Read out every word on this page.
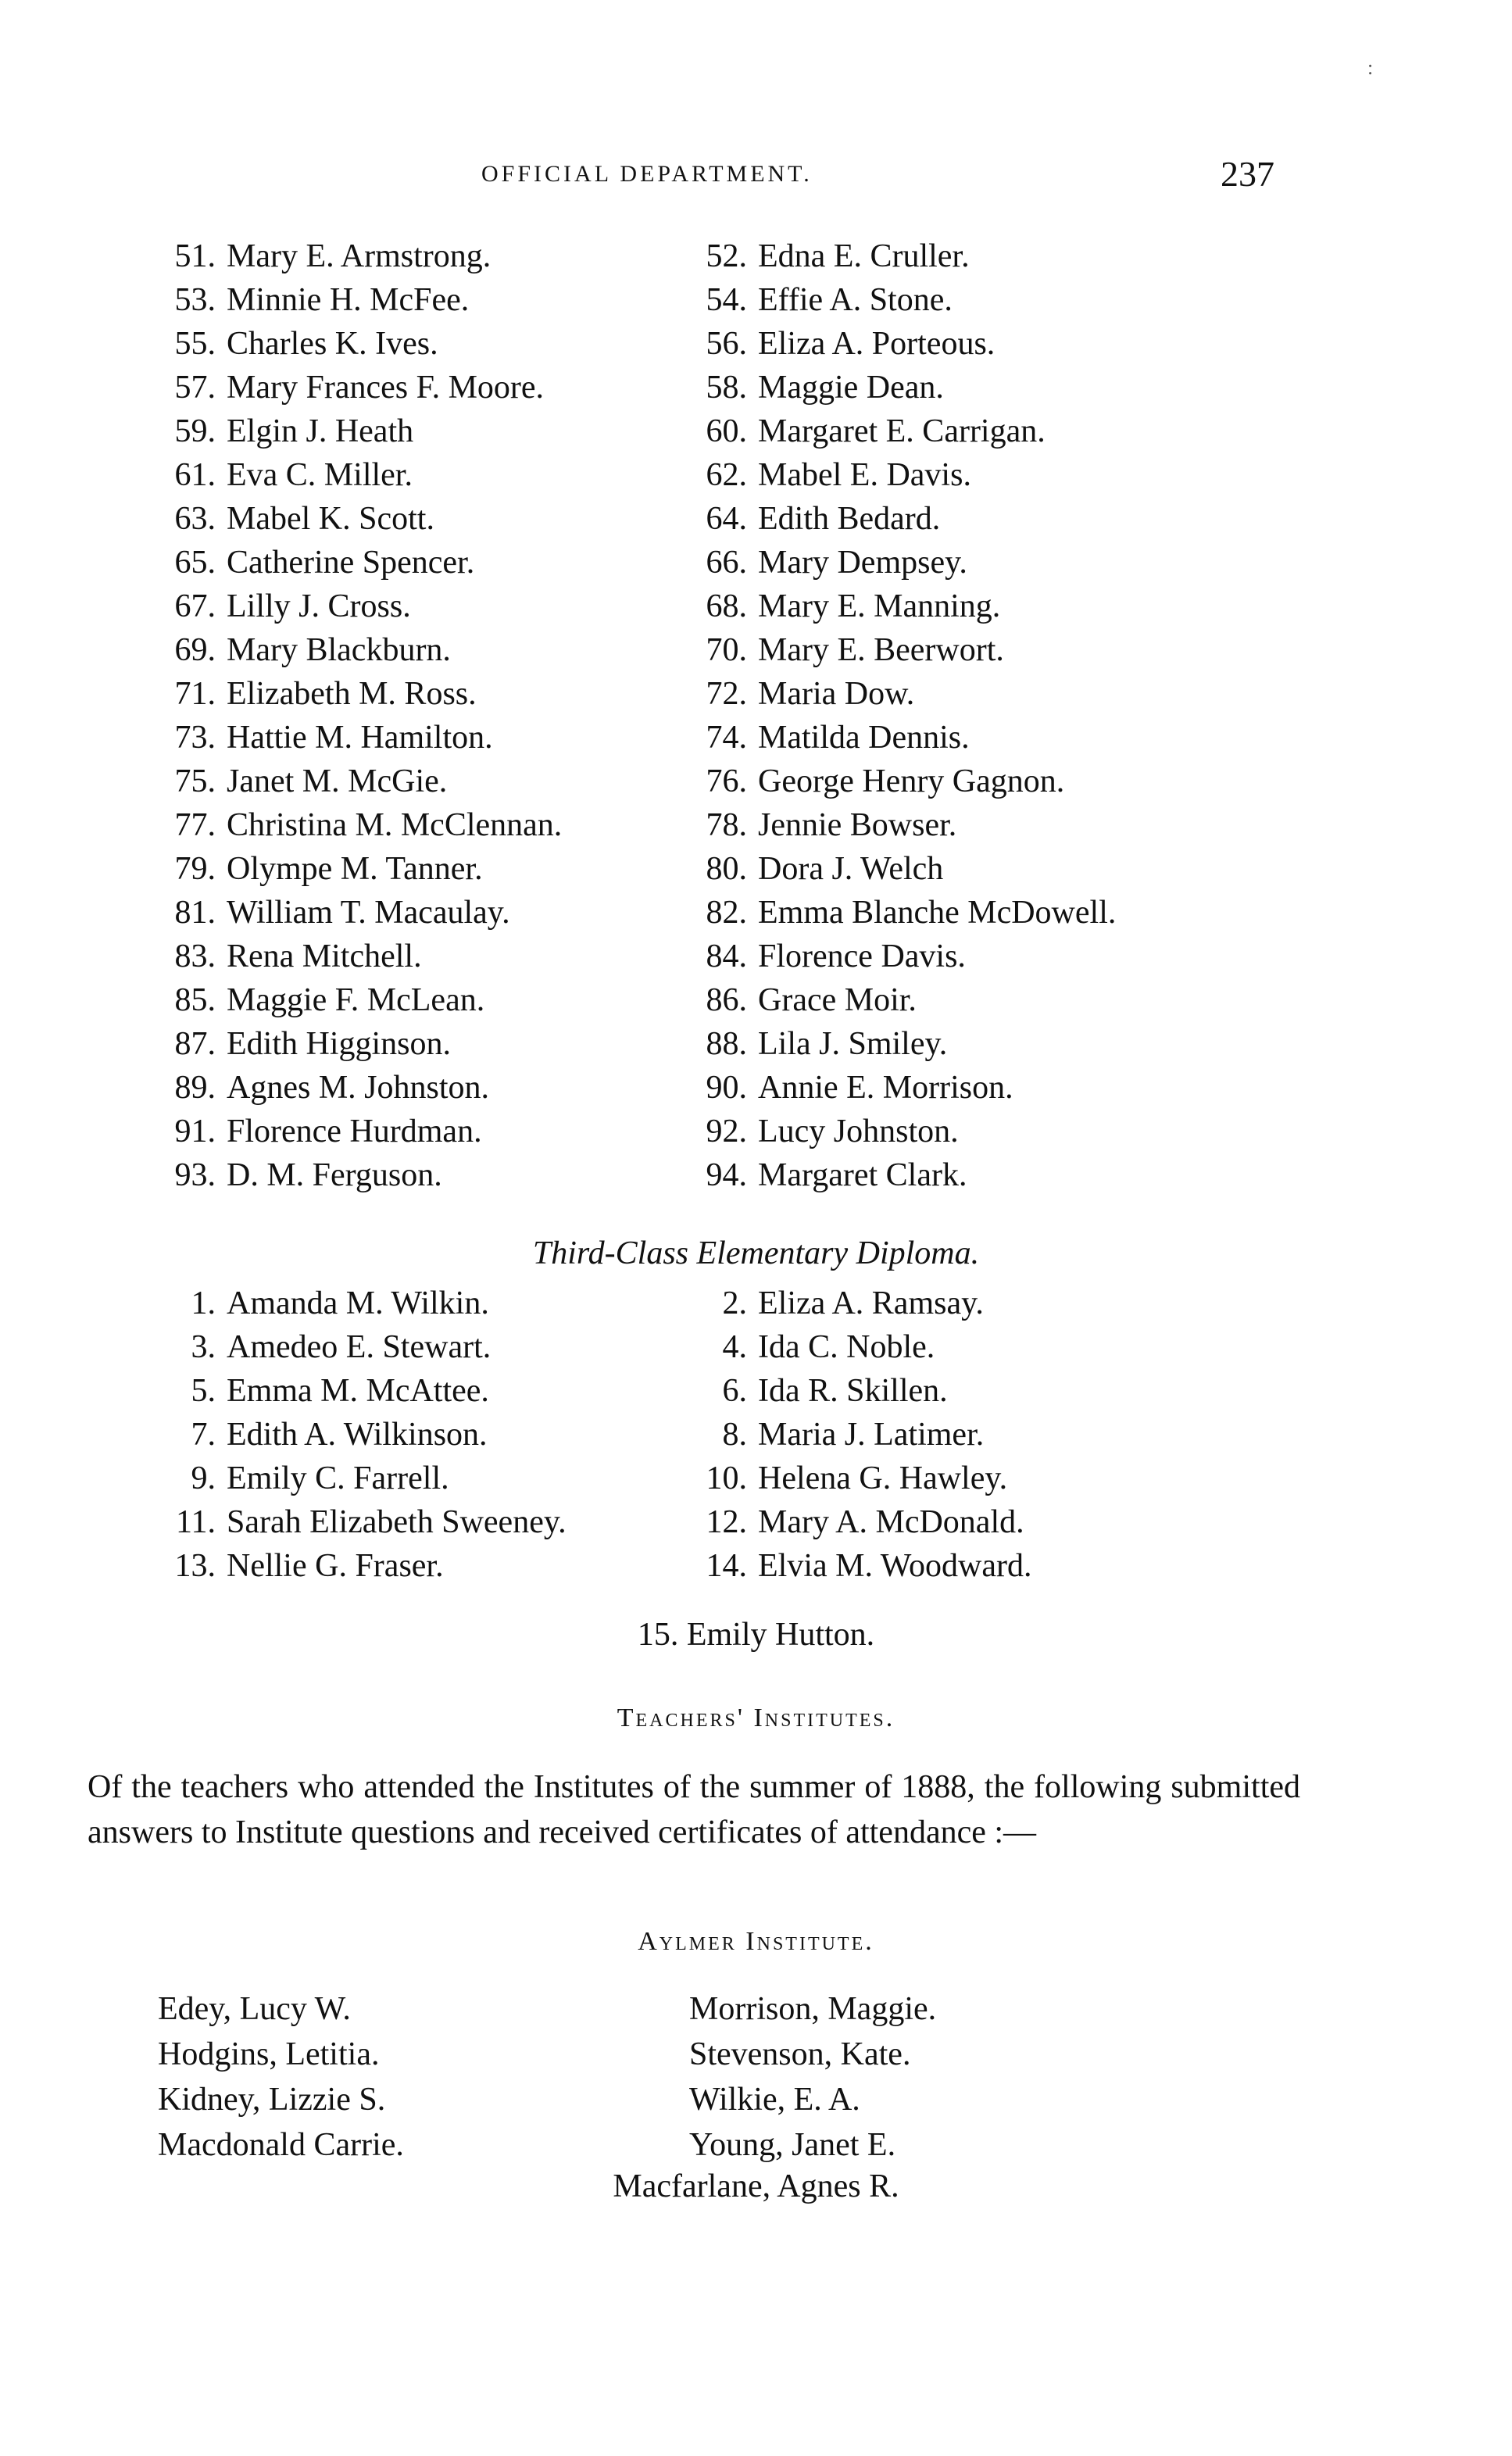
:
OFFICIAL DEPARTMENT.	237
51. Mary E. Armstrong.	52. Edna E. Cruller.
53. Minnie H. McFee.	54. Effie A. Stone.
55. Charles K. Ives.	56. Eliza A. Porteous.
57. Mary Frances F. Moore.	58. Maggie Dean.
59. Elgin J. Heath	60. Margaret E. Carrigan.
61. Eva C. Miller.	62. Mabel E. Davis.
63. Mabel K. Scott.	64. Edith Bedard.
65. Catherine Spencer.	66. Mary Dempsey.
67. Lilly J. Cross.	68. Mary E. Manning.
69. Mary Blackburn.	70. Mary E. Beerwort.
71. Elizabeth M. Ross.	72. Maria Dow.
73. Hattie M. Hamilton.	74. Matilda Dennis.
75. Janet M. McGie.	76. George Henry Gagnon.
77. Christina M. McClennan.	78. Jennie Bowser.
79. Olympe M. Tanner.	80. Dora J. Welch
81. William T. Macaulay.	82. Emma Blanche McDowell.
83. Rena Mitchell.	84. Florence Davis.
85. Maggie F. McLean.	86. Grace Moir.
87. Edith Higginson.	88. Lila J. Smiley.
89. Agnes M. Johnston.	90. Annie E. Morrison.
91. Florence Hurdman.	92. Lucy Johnston.
93. D. M. Ferguson.	94. Margaret Clark.
Third-Class Elementary Diploma.
1. Amanda M. Wilkin.	2. Eliza A. Ramsay.
3. Amedeo E. Stewart.	4. Ida C. Noble.
5. Emma M. McAttee.	6. Ida R. Skillen.
7. Edith A. Wilkinson.	8. Maria J. Latimer.
9. Emily C. Farrell.	10. Helena G. Hawley.
11. Sarah Elizabeth Sweeney.	12. Mary A. McDonald.
13. Nellie G. Fraser.	14. Elvia M. Woodward.
15. Emily Hutton.
Teachers' Institutes.
Of the teachers who attended the Institutes of the summer of 1888, the following submitted answers to Institute questions and received certificates of attendance :—
Aylmer Institute.
Edey, Lucy W.	Morrison, Maggie.
Hodgins, Letitia.	Stevenson, Kate.
Kidney, Lizzie S.	Wilkie, E. A.
Macdonald Carrie.	Young, Janet E.
Macfarlane, Agnes R.
